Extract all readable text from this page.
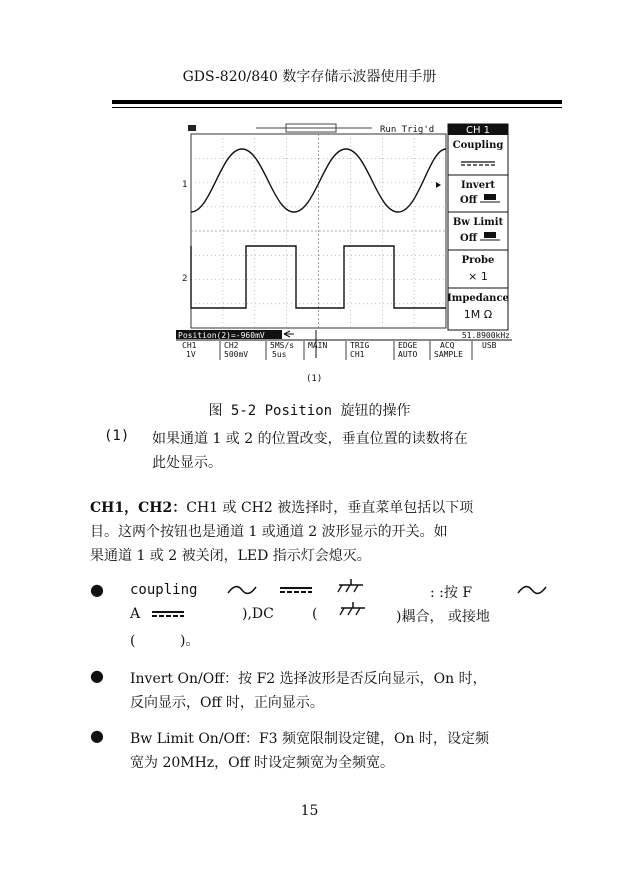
GDS-820/840 数字存储示波器使用手册
Run Trig'd
1
2
CH 1
Coupling
Invert
Off
Bw Limit
Off
Probe
× 1
Impedance
1M Ω
Position(2)=-960mV	51.8900kHz
CH1
1V
CH2
500mV
5MS/s
5us
MAIN	TRIG
CH1
EDGE
AUTO
ACQ
SAMPLE
USB
(1)
图 5-2 Position 旋钮的操作
(1) 如果通道 1 或 2 的位置改变，垂直位置的读数将在
此处显示。
CH1，CH2：CH1 或 CH2 被选择时，垂直菜单包括以下项
目。这两个按钮也是通道 1 或通道 2 波形显示的开关。如
果通道 1 或 2 被关闭，LED 指示灯会熄灭。
● coupling	: :按 F
A	),DC	(	)耦合， 或接地
(          )。
● Invert On/Off：按 F2 选择波形是否反向显示，On 时，
反向显示，Off 时，正向显示。
● Bw Limit On/Off：F3 频宽限制设定键，On 时，设定频
宽为 20MHz，Off 时设定频宽为全频宽。
15
